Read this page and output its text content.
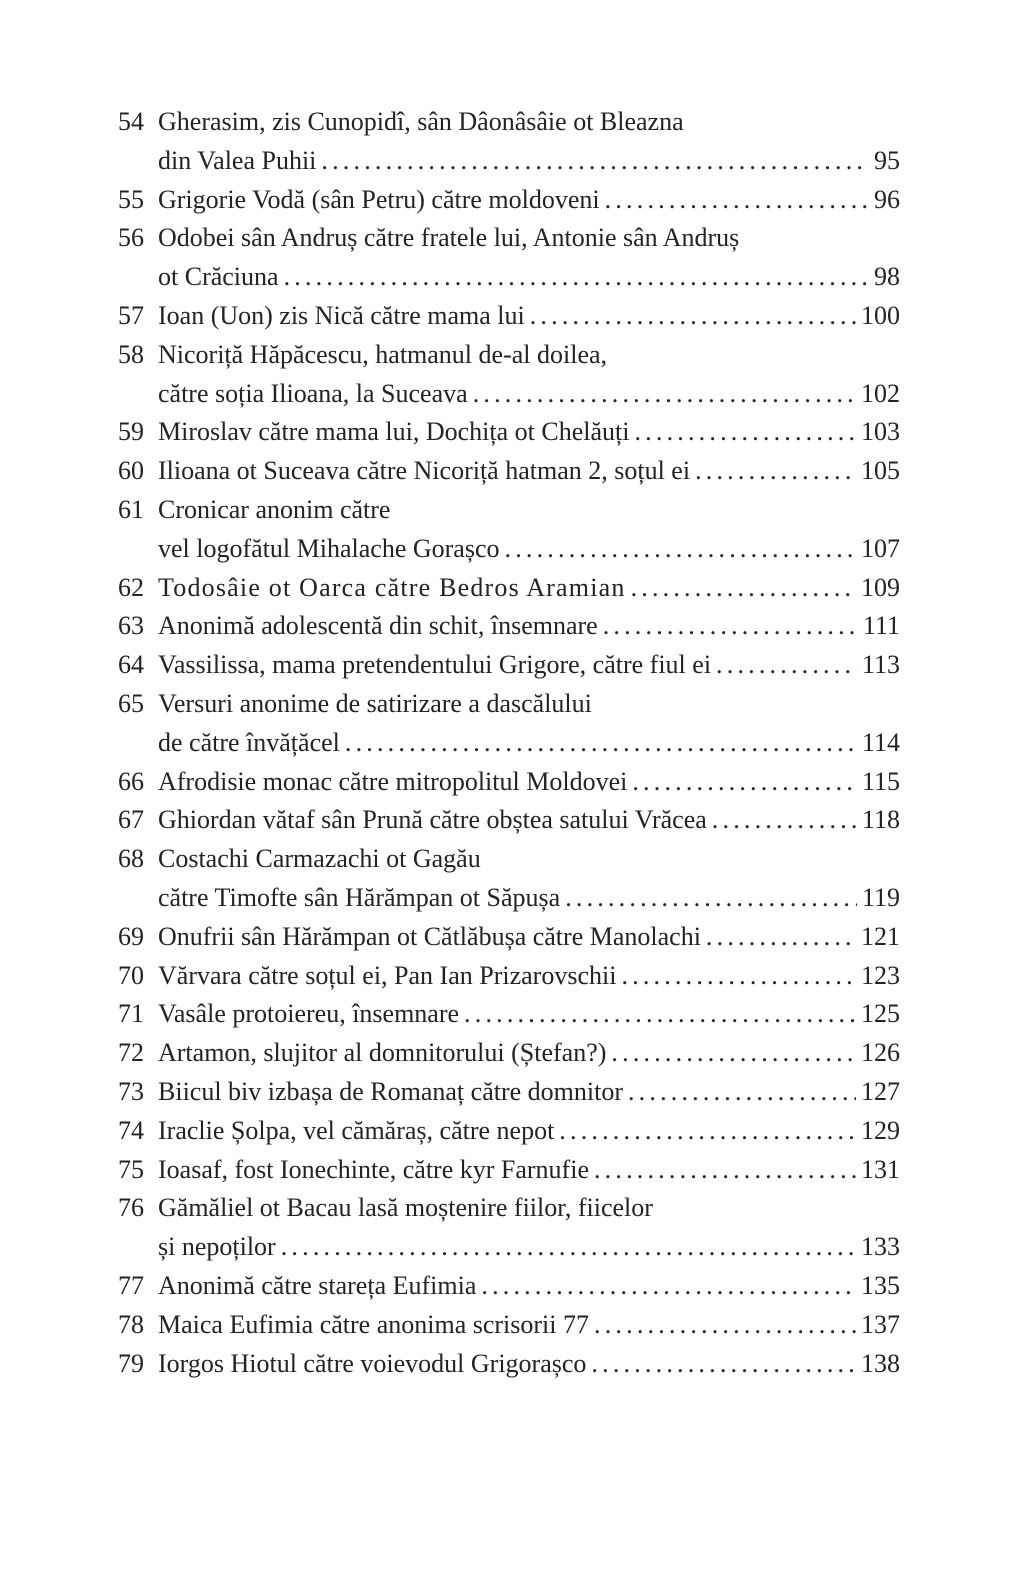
54 Gherasim, zis Cunopidî, sân Dâonâsâie ot Bleazna
din Valea Puhii .....	95
55 Grigorie Vodă (sân Petru) către moldoveni .....	96
56 Odobei sân Andruș către fratele lui, Antonie sân Andruș
ot Crăciuna .....	98
57 Ioan (Uon) zis Nică către mama lui .....	100
58 Nicoriță Hăpăcescu, hatmanul de-al doilea,
către soția Ilioana, la Suceava .....	102
59 Miroslav către mama lui, Dochița ot Chelăuți .....	103
60 Ilioana ot Suceava către Nicoriță hatman 2, soțul ei .....	105
61 Cronicar anonim către
vel logofătul Mihalache Gorașco .....	107
62 Todosâie ot Oarca către Bedros Aramian .....	109
63 Anonimă adolescentă din schit, însemnare .....	111
64 Vassilissa, mama pretendentului Grigore, către fiul ei .....	113
65 Versuri anonime de satirizare a dascălului
de către învățăcel .....	114
66 Afrodisie monac către mitropolitul Moldovei .....	115
67 Ghiordan vătaf sân Prună către obștea satului Vrăcea .....	118
68 Costachi Carmazachi ot Gagău
către Timofte sân Hărămpan ot Săpușa .....	119
69 Onufrii sân Hărămpan ot Cătlăbușa către Manolachi .....	121
70 Vărvara către soțul ei, Pan Ian Prizarovschii .....	123
71 Vasâle protoiereu, însemnare .....	125
72 Artamon, slujitor al domnitorului (Ștefan?) .....	126
73 Biicul biv izbașa de Romanaț către domnitor .....	127
74 Iraclie Șolpa, vel cămăraș, către nepot .....	129
75 Ioasaf, fost Ionechinte, către kyr Farnufie .....	131
76 Gămăliel ot Bacau lasă moștenire fiilor, fiicelor
și nepoților .....	133
77 Anonimă către stareța Eufimia .....	135
78 Maica Eufimia către anonima scrisorii 77 .....	137
79 Iorgos Hiotul către voievodul Grigorașco .....	138
